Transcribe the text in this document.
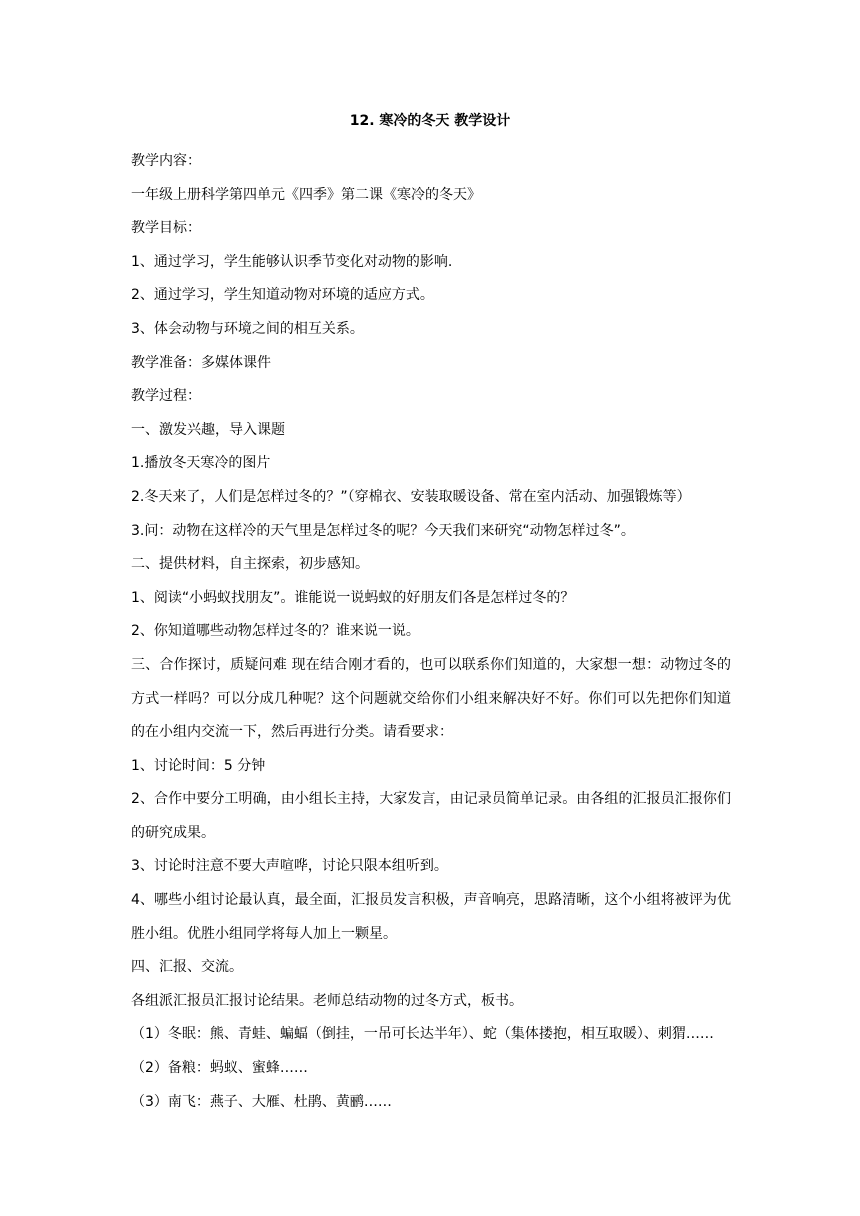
12. 寒冷的冬天 教学设计
教学内容：
一年级上册科学第四单元《四季》第二课《寒冷的冬天》
教学目标：
1、通过学习，学生能够认识季节变化对动物的影响.
2、通过学习，学生知道动物对环境的适应方式。
3、体会动物与环境之间的相互关系。
教学准备：多媒体课件
教学过程：
一、激发兴趣，导入课题
1.播放冬天寒冷的图片
2.冬天来了，人们是怎样过冬的？”（穿棉衣、安装取暖设备、常在室内活动、加强锻炼等）
3.问：动物在这样冷的天气里是怎样过冬的呢？今天我们来研究“动物怎样过冬”。
二、提供材料，自主探索，初步感知。
1、阅读“小蚂蚁找朋友”。谁能说一说蚂蚁的好朋友们各是怎样过冬的？
2、你知道哪些动物怎样过冬的？谁来说一说。
三、合作探讨，质疑问难 现在结合刚才看的，也可以联系你们知道的，大家想一想：动物过冬的方式一样吗？可以分成几种呢？这个问题就交给你们小组来解决好不好。你们可以先把你们知道的在小组内交流一下，然后再进行分类。请看要求：
1、讨论时间：5 分钟
2、合作中要分工明确，由小组长主持，大家发言，由记录员简单记录。由各组的汇报员汇报你们的研究成果。
3、讨论时注意不要大声喧哗，讨论只限本组听到。
4、哪些小组讨论最认真，最全面，汇报员发言积极，声音响亮，思路清晰，这个小组将被评为优胜小组。优胜小组同学将每人加上一颗星。
四、汇报、交流。
各组派汇报员汇报讨论结果。老师总结动物的过冬方式，板书。
（1）冬眠：熊、青蛙、蝙蝠（倒挂，一吊可长达半年）、蛇（集体搂抱，相互取暖）、刺猬……
（2）备粮：蚂蚁、蜜蜂……
（3）南飞：燕子、大雁、杜鹃、黄鹂……
